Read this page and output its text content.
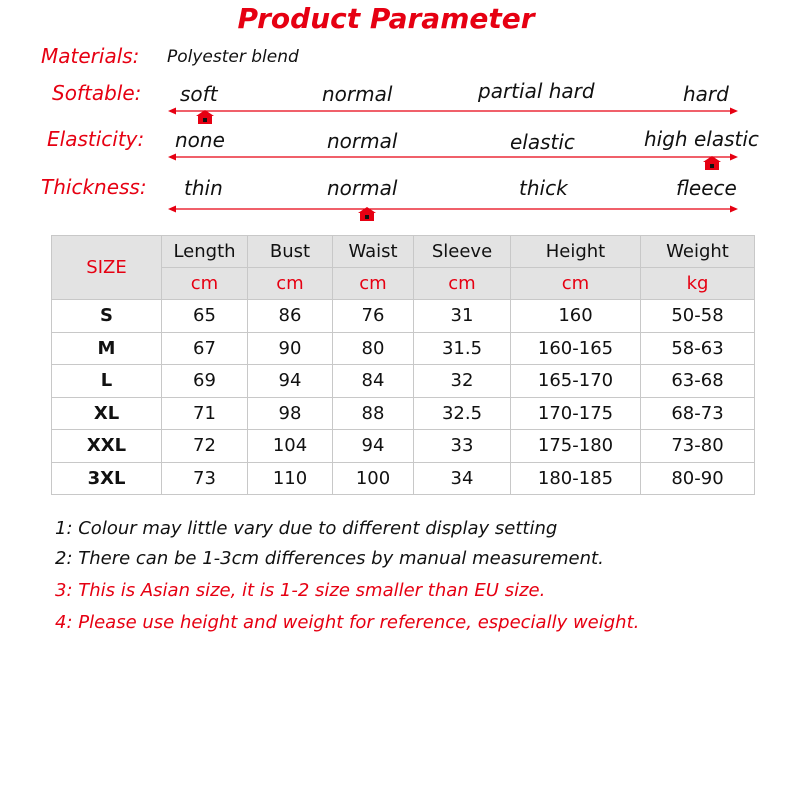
Product Parameter
Materials: Polyester blend
Softable: soft	normal	partial hard	hard
Elasticity: none	normal	elastic	high elastic
Thickness: thin	normal	thick	fleece
SIZE	Length	Bust	Waist	Sleeve	Height	Weight
	cm	cm	cm	cm	cm	kg
S	65	86	76	31	160	50-58
M	67	90	80	31.5	160-165	58-63
L	69	94	84	32	165-170	63-68
XL	71	98	88	32.5	170-175	68-73
XXL	72	104	94	33	175-180	73-80
3XL	73	110	100	34	180-185	80-90
1: Colour may little vary due to different display setting
2: There can be 1-3cm differences by manual measurement.
3: This is Asian size, it is 1-2 size smaller than EU size.
4: Please use height and weight for reference, especially weight.
